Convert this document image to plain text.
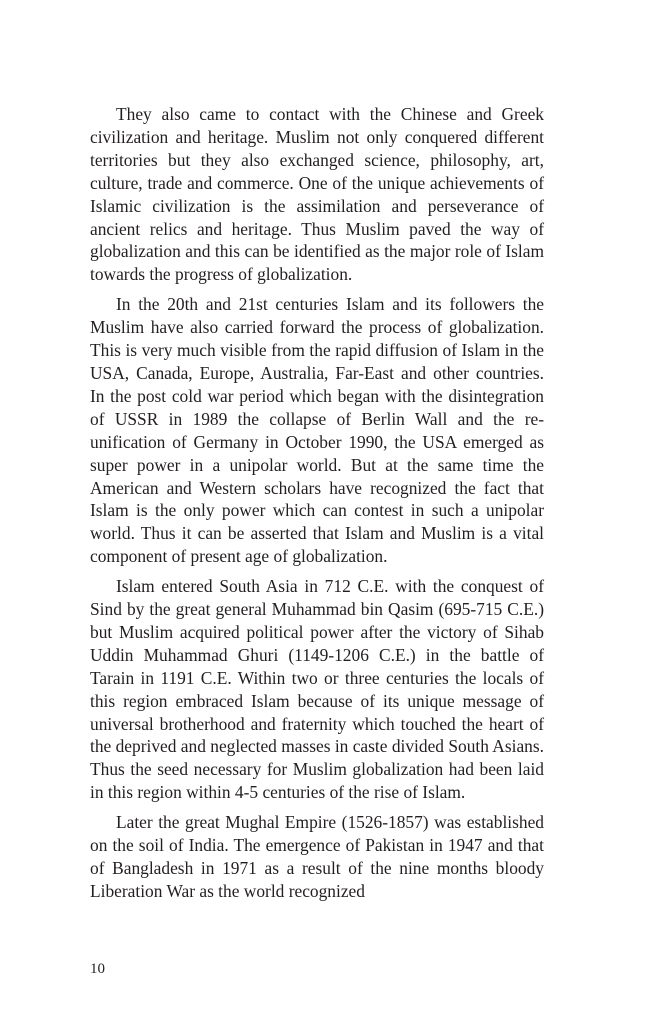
They also came to contact with the Chinese and Greek civilization and heritage. Muslim not only conquered different territories but they also exchanged science, philosophy, art, culture, trade and commerce. One of the unique achievements of Islamic civilization is the assimilation and perseverance of ancient relics and heritage. Thus Muslim paved the way of globalization and this can be identified as the major role of Islam towards the progress of globalization.

In the 20th and 21st centuries Islam and its followers the Muslim have also carried forward the process of globalization. This is very much visible from the rapid diffusion of Islam in the USA, Canada, Europe, Australia, Far-East and other countries. In the post cold war period which began with the disintegration of USSR in 1989 the collapse of Berlin Wall and the re-unification of Germany in October 1990, the USA emerged as super power in a unipolar world. But at the same time the American and Western scholars have recognized the fact that Islam is the only power which can contest in such a unipolar world. Thus it can be asserted that Islam and Muslim is a vital component of present age of globalization.

Islam entered South Asia in 712 C.E. with the conquest of Sind by the great general Muhammad bin Qasim (695-715 C.E.) but Muslim acquired political power after the victory of Sihab Uddin Muhammad Ghuri (1149-1206 C.E.) in the battle of Tarain in 1191 C.E. Within two or three centuries the locals of this region embraced Islam because of its unique message of universal brotherhood and fraternity which touched the heart of the deprived and neglected masses in caste divided South Asians. Thus the seed necessary for Muslim globalization had been laid in this region within 4-5 centuries of the rise of Islam.

Later the great Mughal Empire (1526-1857) was established on the soil of India. The emergence of Pakistan in 1947 and that of Bangladesh in 1971 as a result of the nine months bloody Liberation War as the world recognized

10
